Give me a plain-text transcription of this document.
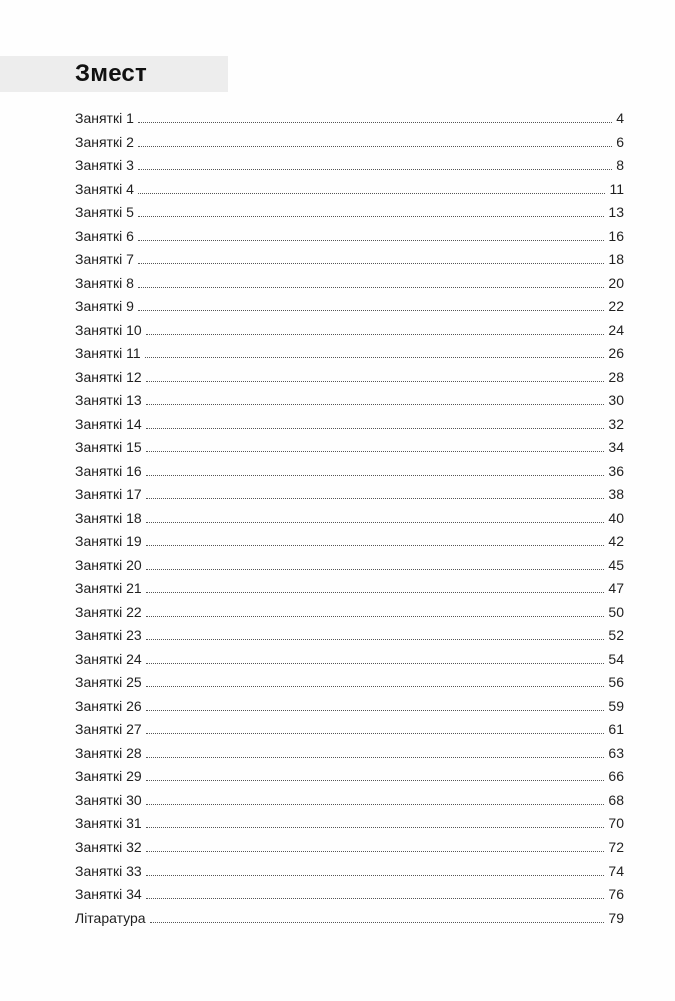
Змест
Заняткі 1	4
Заняткі 2	6
Заняткі 3	8
Заняткі 4	11
Заняткі 5	13
Заняткі 6	16
Заняткі 7	18
Заняткі 8	20
Заняткі 9	22
Заняткі 10	24
Заняткі 11	26
Заняткі 12	28
Заняткі 13	30
Заняткі 14	32
Заняткі 15	34
Заняткі 16	36
Заняткі 17	38
Заняткі 18	40
Заняткі 19	42
Заняткі 20	45
Заняткі 21	47
Заняткі 22	50
Заняткі 23	52
Заняткі 24	54
Заняткі 25	56
Заняткі 26	59
Заняткі 27	61
Заняткі 28	63
Заняткі 29	66
Заняткі 30	68
Заняткі 31	70
Заняткі 32	72
Заняткі 33	74
Заняткі 34	76
Літаратура	79
